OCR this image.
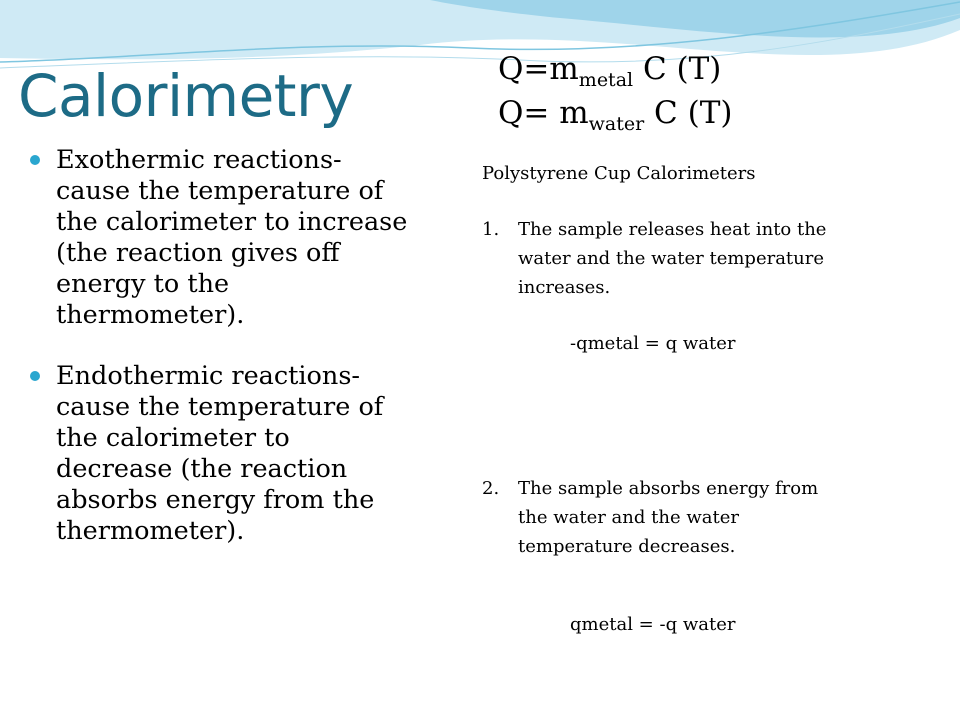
Calorimetry	$Q=m_{metal}$ C (T)
$Q= m_{water}$ C (T)
Exothermic reactions- cause the temperature of the calorimeter to increase (the reaction gives off energy to the thermometer).
Endothermic reactions- cause the temperature of the calorimeter to decrease (the reaction absorbs energy from the thermometer).

Polystyrene Cup Calorimeters

1. The sample releases heat into the water and the water temperature increases.
-qmetal = q water
2. The sample absorbs energy from the water and the water temperature decreases.
qmetal = -q water
